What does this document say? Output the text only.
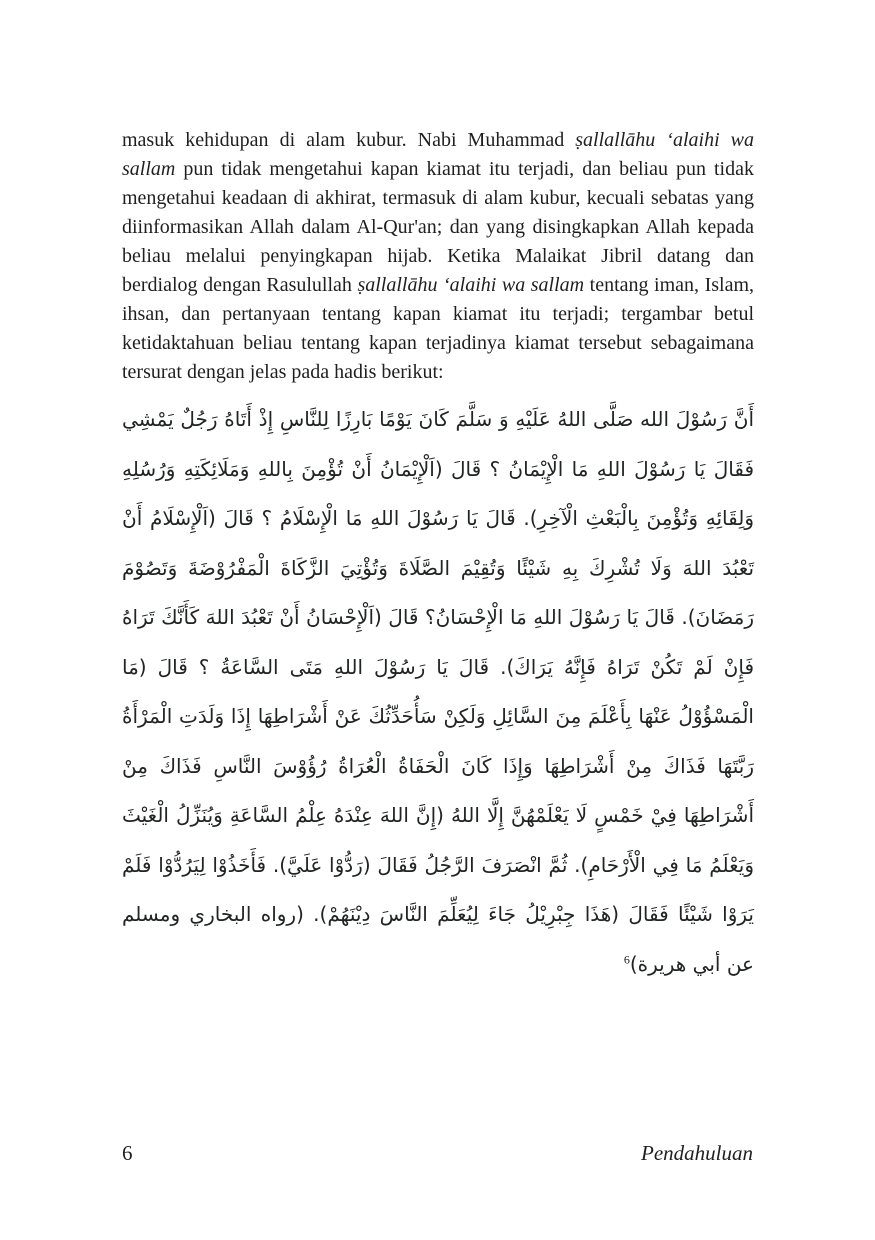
masuk kehidupan di alam kubur. Nabi Muhammad ṣallallāhu ‘alaihi wa sallam pun tidak mengetahui kapan kiamat itu terjadi, dan beliau pun tidak mengetahui keadaan di akhirat, termasuk di alam kubur, kecuali sebatas yang diinformasikan Allah dalam Al-Qur'an; dan yang disingkapkan Allah kepada beliau melalui penyingkapan hijab. Ketika Malaikat Jibril datang dan berdialog dengan Rasulullah ṣallallāhu ‘alaihi wa sallam tentang iman, Islam, ihsan, dan pertanyaan tentang kapan kiamat itu terjadi; tergambar betul ketidaktahuan beliau tentang kapan terjadinya kiamat tersebut sebagaimana tersurat dengan jelas pada hadis berikut:

أَنَّ رَسُوْلَ الله صَلَّى اللهُ عَلَيْهِ وَ سَلَّمَ كَانَ يَوْمًا بَارِزًا لِلنَّاسِ إِذْ أَتَاهُ رَجُلٌ يَمْشِي فَقَالَ يَا رَسُوْلَ اللهِ مَا الْإِيْمَانُ ؟ قَالَ (اَلْإِيْمَانُ أَنْ تُؤْمِنَ بِاللهِ وَمَلَائِكَتِهِ وَرُسُلِهِ وَلِقَائِهِ وَتُؤْمِنَ بِالْبَعْثِ الْآخِرِ). قَالَ يَا رَسُوْلَ اللهِ مَا الْإِسْلَامُ ؟ قَالَ (اَلْإِسْلَامُ أَنْ تَعْبُدَ اللهَ وَلَا تُشْرِكَ بِهِ شَيْئًا وَتُقِيْمَ الصَّلَاةَ وَتُؤْتِيَ الزَّكَاةَ الْمَفْرُوْضَةَ وَتَصُوْمَ رَمَضَانَ). قَالَ يَا رَسُوْلَ اللهِ مَا الْإِحْسَانُ؟ قَالَ (اَلْإِحْسَانُ أَنْ تَعْبُدَ اللهَ كَأَنَّكَ تَرَاهُ فَإِنْ لَمْ تَكُنْ تَرَاهُ فَإِنَّهُ يَرَاكَ). قَالَ يَا رَسُوْلَ اللهِ مَتَى السَّاعَةُ ؟ قَالَ (مَا الْمَسْؤُوْلُ عَنْهَا بِأَعْلَمَ مِنَ السَّائِلِ وَلَكِنْ سَأُحَدِّثُكَ عَنْ أَشْرَاطِهَا إِذَا وَلَدَتِ الْمَرْأَةُ رَبَّتَهَا فَذَاكَ مِنْ أَشْرَاطِهَا وَإِذَا كَانَ الْحَفَاةُ الْعُرَاةُ رُؤُوْسَ النَّاسِ فَذَاكَ مِنْ أَشْرَاطِهَا فِيْ خَمْسٍ لَا يَعْلَمْهُنَّ إِلَّا اللهُ (إِنَّ اللهَ عِنْدَهُ عِلْمُ السَّاعَةِ وَيُنَزِّلُ الْغَيْثَ وَيَعْلَمُ مَا فِي الْأَرْحَامِ). ثُمَّ انْصَرَفَ الرَّجُلُ فَقَالَ (رَدُّوْا عَلَيَّ). فَأَخَذُوْا لِيَرُدُّوْا فَلَمْ يَرَوْا شَيْئًا فَقَالَ (هَذَا جِبْرِيْلُ جَاءَ لِيُعَلِّمَ النَّاسَ دِيْنَهُمْ). (رواه البخاري ومسلم عن أبي هريرة)$^6$

6	Pendahuluan
